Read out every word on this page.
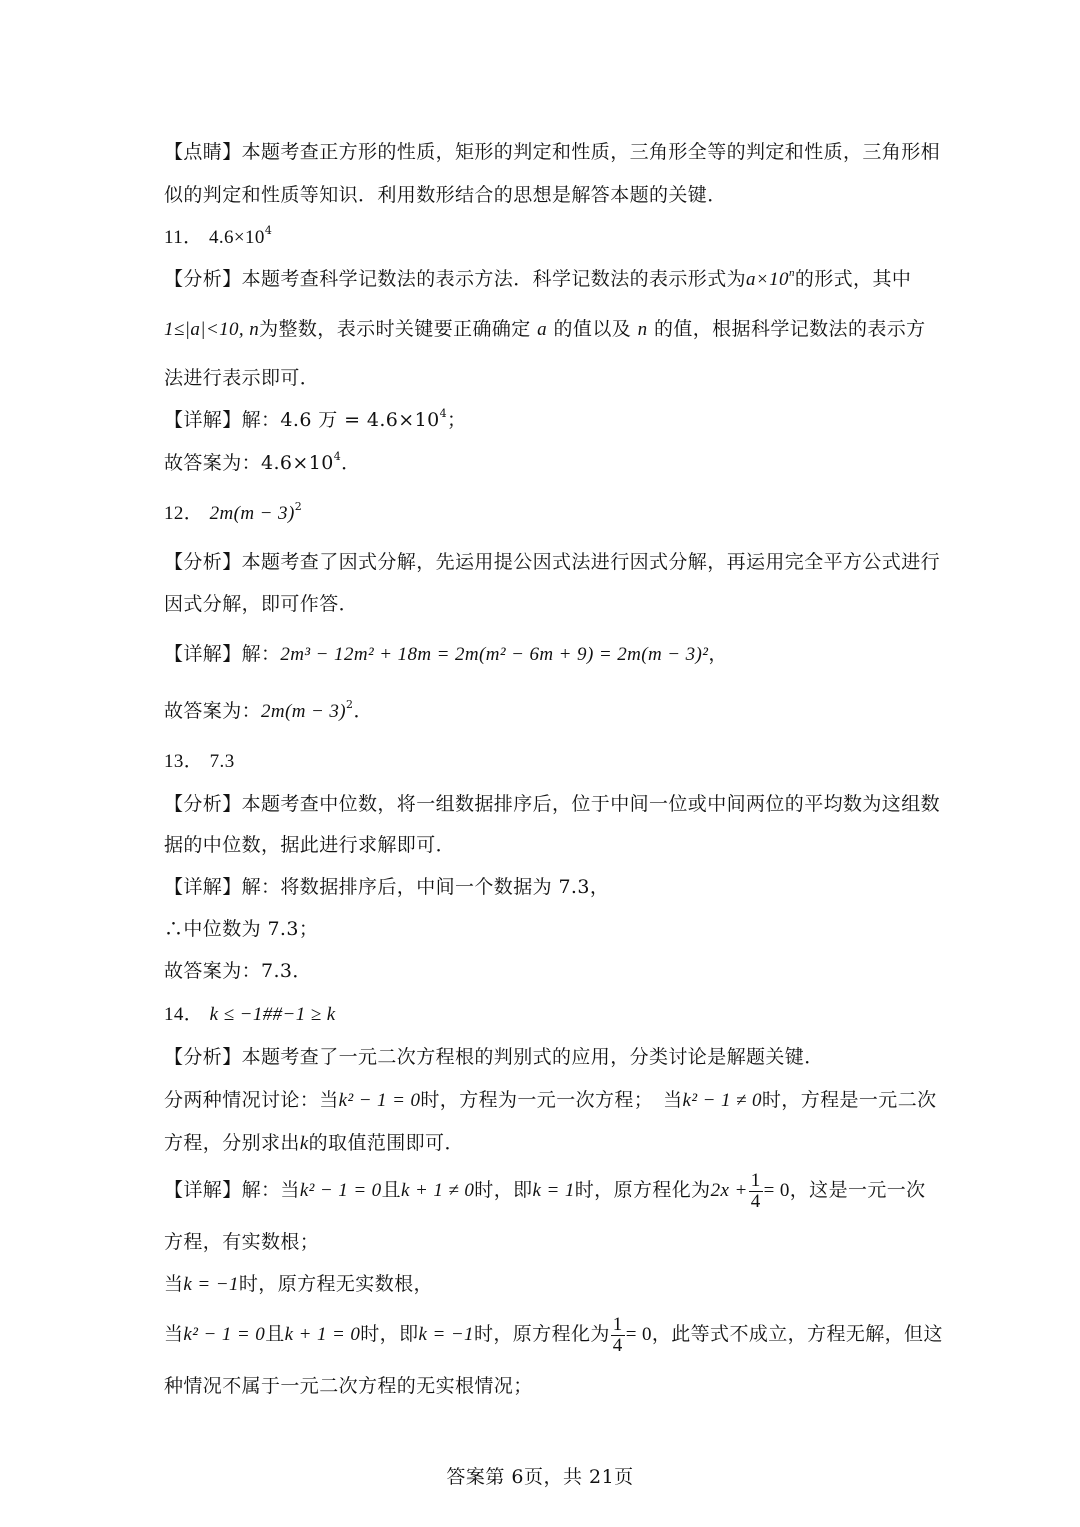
【点睛】本题考查正方形的性质，矩形的判定和性质，三角形全等的判定和性质，三角形相
似的判定和性质等知识．利用数形结合的思想是解答本题的关键．
11． $4.6\times 10^4$
【分析】本题考查科学记数法的表示方法．科学记数法的表示形式为$a\times 10^n$的形式，其中
1≤|a|<10, n为整数，表示时关键要正确确定 a 的值以及 n 的值，根据科学记数法的表示方
法进行表示即可．
【详解】解：4.6 万 = $4.6\times 10^4$；
故答案为：$4.6\times 10^4$．
12． $2m(m - 3)^2$
【分析】本题考查了因式分解，先运用提公因式法进行因式分解，再运用完全平方公式进行
因式分解，即可作答．
【详解】解：2m³ − 12m² + 18m = 2m(m² − 6m + 9) = 2m(m − 3)²，
故答案为：$2m(m - 3)^2$．
13． 7.3
【分析】本题考查中位数，将一组数据排序后，位于中间一位或中间两位的平均数为这组数
据的中位数，据此进行求解即可．
【详解】解：将数据排序后，中间一个数据为 7.3，
∴中位数为 7.3；
故答案为：7.3．
14． k ≤ −1##−1 ≥ k
【分析】本题考查了一元二次方程根的判别式的应用，分类讨论是解题关键．
分两种情况讨论：当k² − 1 = 0时，方程为一元一次方程；　当k² − 1 ≠ 0时，方程是一元二次
方程，分别求出k的取值范围即可．
【详解】解：当k² − 1 = 0且k + 1 ≠ 0时，即k = 1时，原方程化为$2x + \frac{1}{4} = 0$，这是一元一次
方程，有实数根；
当k = −1时，原方程无实数根，
当k² − 1 = 0且k + 1 = 0时，即k = −1时，原方程化为 $\frac{1}{4} = 0$，此等式不成立，方程无解，但这
种情况不属于一元二次方程的无实根情况；
答案第 6页，共 21页
